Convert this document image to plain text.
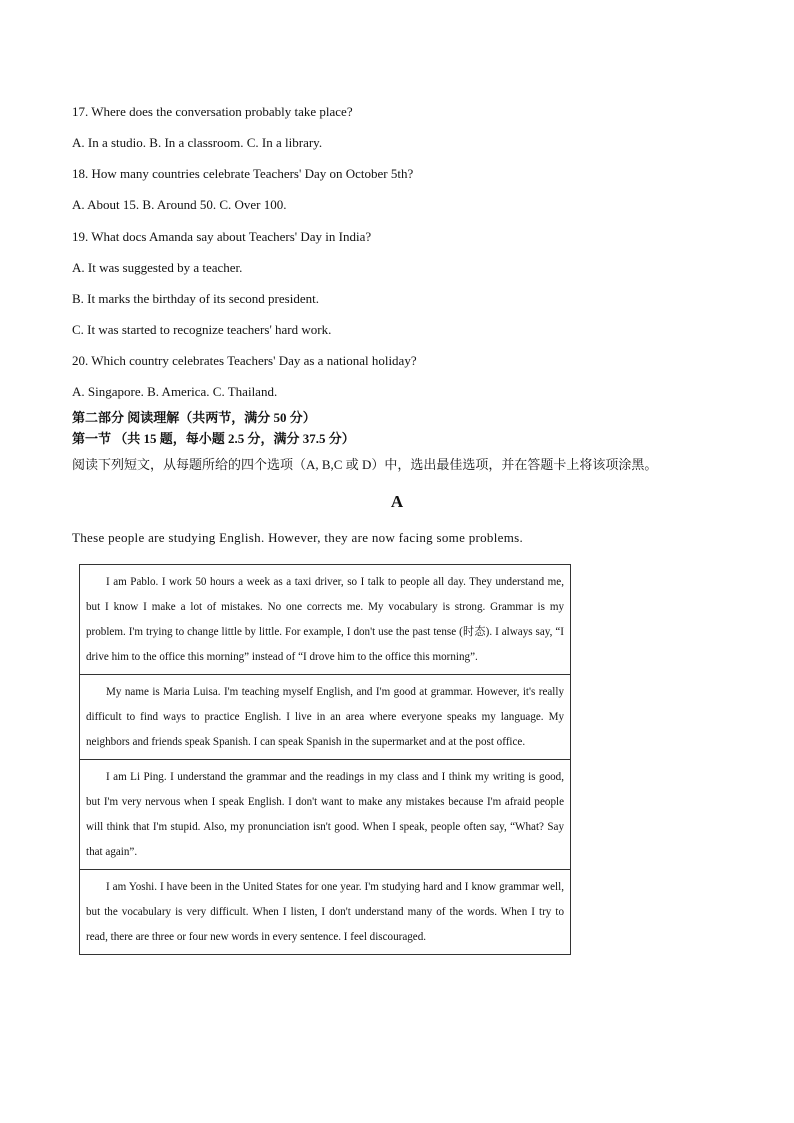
17. Where does the conversation probably take place?
A. In a studio. B. In a classroom. C. In a library.
18. How many countries celebrate Teachers' Day on October 5th?
A. About 15. B. Around 50. C. Over 100.
19. What docs Amanda say about Teachers' Day in India?
A. It was suggested by a teacher.
B. It marks the birthday of its second president.
C. It was started to recognize teachers' hard work.
20. Which country celebrates Teachers' Day as a national holiday?
A. Singapore. B. America. C. Thailand.
第二部分 阅读理解（共两节，满分 50 分）
第一节 （共 15 题，每小题 2.5 分，满分 37.5 分）
阅读下列短文，从每题所给的四个选项（A, B,C 或 D）中，选出最佳选项，并在答题卡上将该项涂黑。
A
These people are studying English. However, they are now facing some problems.
I am Pablo. I work 50 hours a week as a taxi driver, so I talk to people all day. They understand me, but I know I make a lot of mistakes. No one corrects me. My vocabulary is strong. Grammar is my problem. I'm trying to change little by little. For example, I don't use the past tense (时态). I always say, “I drive him to the office this morning” instead of “I drove him to the office this morning”.
My name is Maria Luisa. I'm teaching myself English, and I'm good at grammar. However, it's really difficult to find ways to practice English. I live in an area where everyone speaks my language. My neighbors and friends speak Spanish. I can speak Spanish in the supermarket and at the post office.
I am Li Ping. I understand the grammar and the readings in my class and I think my writing is good, but I'm very nervous when I speak English. I don't want to make any mistakes because I'm afraid people will think that I'm stupid. Also, my pronunciation isn't good. When I speak, people often say, “What? Say that again”.
I am Yoshi. I have been in the United States for one year. I'm studying hard and I know grammar well, but the vocabulary is very difficult. When I listen, I don't understand many of the words. When I try to read, there are three or four new words in every sentence. I feel discouraged.
